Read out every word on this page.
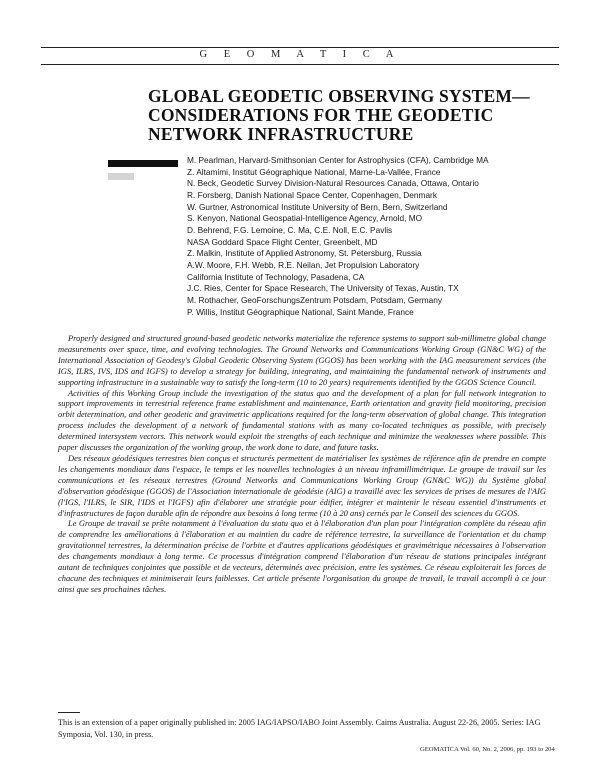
G E O M A T I C A
GLOBAL GEODETIC OBSERVING SYSTEM—
CONSIDERATIONS FOR THE GEODETIC
NETWORK INFRASTRUCTURE
M. Pearlman, Harvard-Smithsonian Center for Astrophysics (CFA), Cambridge MA
Z. Altamimi, Institut Géographique National, Marne-La-Vallée, France
N. Beck, Geodetic Survey Division-Natural Resources Canada, Ottawa, Ontario
R. Forsberg, Danish National Space Center, Copenhagen, Denmark
W. Gurtner, Astronomical Institute University of Bern, Bern, Switzerland
S. Kenyon, National Geospatial-Intelligence Agency, Arnold, MO
D. Behrend, F.G. Lemoine, C. Ma, C.E. Noll, E.C. Pavlis
NASA Goddard Space Flight Center, Greenbelt, MD
Z. Malkin, Institute of Applied Astronomy, St. Petersburg, Russia
A.W. Moore, F.H. Webb, R.E. Neilan, Jet Propulsion Laboratory
California Institute of Technology, Pasadena, CA
J.C. Ries, Center for Space Research, The University of Texas, Austin, TX
M. Rothacher, GeoForschungsZentrum Potsdam, Potsdam, Germany
P. Willis, Institut Géographique National, Saint Mande, France

Properly designed and structured ground-based geodetic networks materialize the reference systems to support sub-millimetre global change measurements over space, time, and evolving technologies. The Ground Networks and Communications Working Group (GN&C WG) of the International Association of Geodesy's Global Geodetic Observing System (GGOS) has been working with the IAG measurement services (the IGS, ILRS, IVS, IDS and IGFS) to develop a strategy for building, integrating, and maintaining the fundamental network of instruments and supporting infrastructure in a sustainable way to satisfy the long-term (10 to 20 years) requirements identified by the GGOS Science Council.

Activities of this Working Group include the investigation of the status quo and the development of a plan for full network integration to support improvements in terrestrial reference frame establishment and maintenance, Earth orientation and gravity field monitoring, precision orbit determination, and other geodetic and gravimetric applications required for the long-term observation of global change. This integration process includes the development of a network of fundamental stations with as many co-located techniques as possible, with precisely determined intersystem vectors. This network would exploit the strengths of each technique and minimize the weaknesses where possible. This paper discusses the organization of the working group, the work done to date, and future tasks.

Des réseaux géodésiques terrestres bien conçus et structurés permettent de matérialiser les systèmes de référence afin de prendre en compte les changements mondiaux dans l'espace, le temps et les nouvelles technologies à un niveau inframillimétrique. Le groupe de travail sur les communications et les réseaux terrestres (Ground Networks and Communications Working Group (GN&C WG)) du Système global d'observation géodésique (GGOS) de l'Association internationale de géodésie (AIG) a travaillé avec les services de prises de mesures de l'AIG (l'IGS, l'ILRS, le SIR, l'IDS et l'IGFS) afin d'élaborer une stratégie pour édifier, intégrer et maintenir le réseau essentiel d'instruments et d'infrastructures de façon durable afin de répondre aux besoins à long terme (10 à 20 ans) cernés par le Conseil des sciences du GGOS.

Le Groupe de travail se prête notamment à l'évaluation du statu quo et à l'élaboration d'un plan pour l'intégration complète du réseau afin de comprendre les améliorations à l'élaboration et au maintien du cadre de référence terrestre, la surveillance de l'orientation et du champ gravitationnel terrestres, la détermination précise de l'orbite et d'autres applications géodésiques et gravimétrique nécessaires à l'observation des changements mondiaux à long terme. Ce processus d'intégration comprend l'élaboration d'un réseau de stations principales intégrant autant de techniques conjointes que possible et de vecteurs, déterminés avec précision, entre les systèmes. Ce réseau exploiterait les forces de chacune des techniques et minimiserait leurs faiblesses. Cet article présente l'organisation du groupe de travail, le travail accompli à ce jour ainsi que ses prochaines tâches.

This is an extension of a paper originally published in: 2005 IAG/IAPSO/IABO Joint Assembly. Cairns Australia. August 22-26, 2005. Series: IAG Symposia, Vol. 130, in press.
GEOMATICA Vol. 60, No. 2, 2006, pp. 193 to 204
